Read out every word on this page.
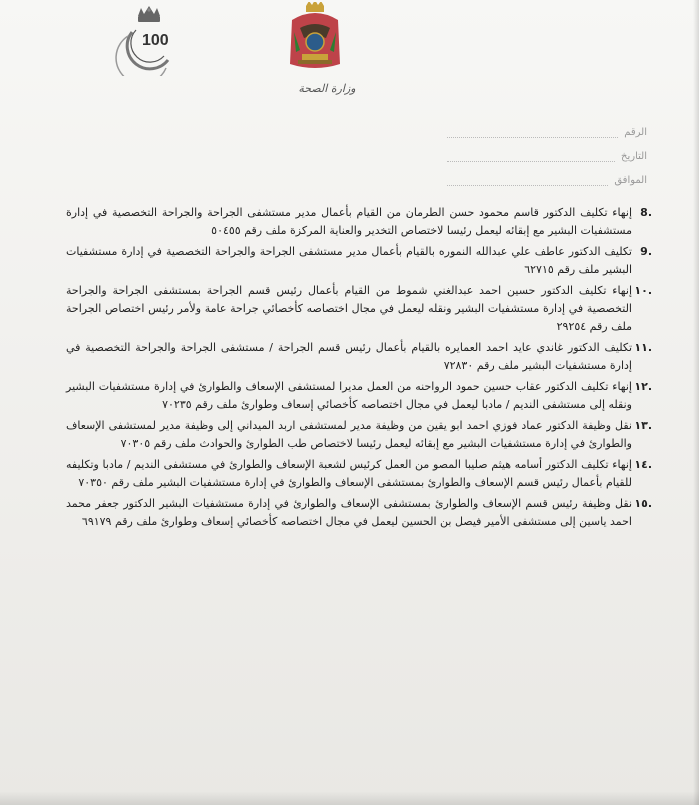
100
وزارة الصحة
الرقم
التاريخ
الموافق
.8
إنهاء تكليف الدكتور قاسم محمود حسن الطرمان من القيام بأعمال مدير مستشفى الجراحة والجراحة التخصصية في إدارة مستشفيات البشير مع إبقائه ليعمل رئيسا لاختصاص التخدير والعناية المركزة ملف رقم ٥٠٤٥٥
.9
تكليف الدكتور عاطف علي عبدالله النموره بالقيام بأعمال مدير مستشفى الجراحة والجراحة التخصصية في إدارة مستشفيات البشير ملف رقم ٦٢٧١٥
.١٠
إنهاء تكليف الدكتور حسين احمد عبدالغني شموط من القيام بأعمال رئيس قسم الجراحة بمستشفى الجراحة والجراحة التخصصية في إدارة مستشفيات البشير ونقله ليعمل في مجال اختصاصه كأخصائي جراحة عامة ولأمر رئيس اختصاص الجراحة ملف رقم ٢٩٢٥٤
.١١
تكليف الدكتور غاندي عايد احمد العمايره بالقيام بأعمال رئيس قسم الجراحة / مستشفى الجراحة والجراحة التخصصية في إدارة مستشفيات البشير ملف رقم ٧٢٨٣٠
.١٢
إنهاء تكليف الدكتور عقاب حسين حمود الرواحنه من العمل مديرا لمستشفى الإسعاف والطوارئ في إدارة مستشفيات البشير ونقله إلى مستشفى النديم / مادبا ليعمل في مجال اختصاصه كأخصائي إسعاف وطوارئ ملف رقم ٧٠٢٣٥
.١٣
نقل وظيفة الدكتور عماد فوزي احمد ابو يقين من وظيفة مدير لمستشفى اربد الميداني إلى وظيفة مدير لمستشفى الإسعاف والطوارئ في إدارة مستشفيات البشير مع إبقائه ليعمل رئيسا لاختصاص طب الطوارئ والحوادث ملف رقم ٧٠٣٠٥
.١٤
إنهاء تكليف الدكتور أسامه هيثم صليبا المصو من العمل كرئيس لشعبة الإسعاف والطوارئ في مستشفى النديم / مادبا وتكليفه للقيام بأعمال رئيس قسم الإسعاف والطوارئ بمستشفى الإسعاف والطوارئ في إدارة مستشفيات البشير ملف رقم ٧٠٣٥٠
.١٥
نقل وظيفة رئيس قسم الإسعاف والطوارئ بمستشفى الإسعاف والطوارئ في إدارة مستشفيات البشير الدكتور جعفر محمد احمد ياسين إلى مستشفى الأمير فيصل بن الحسين ليعمل في مجال اختصاصه كأخصائي إسعاف وطوارئ ملف رقم ٦٩١٧٩
